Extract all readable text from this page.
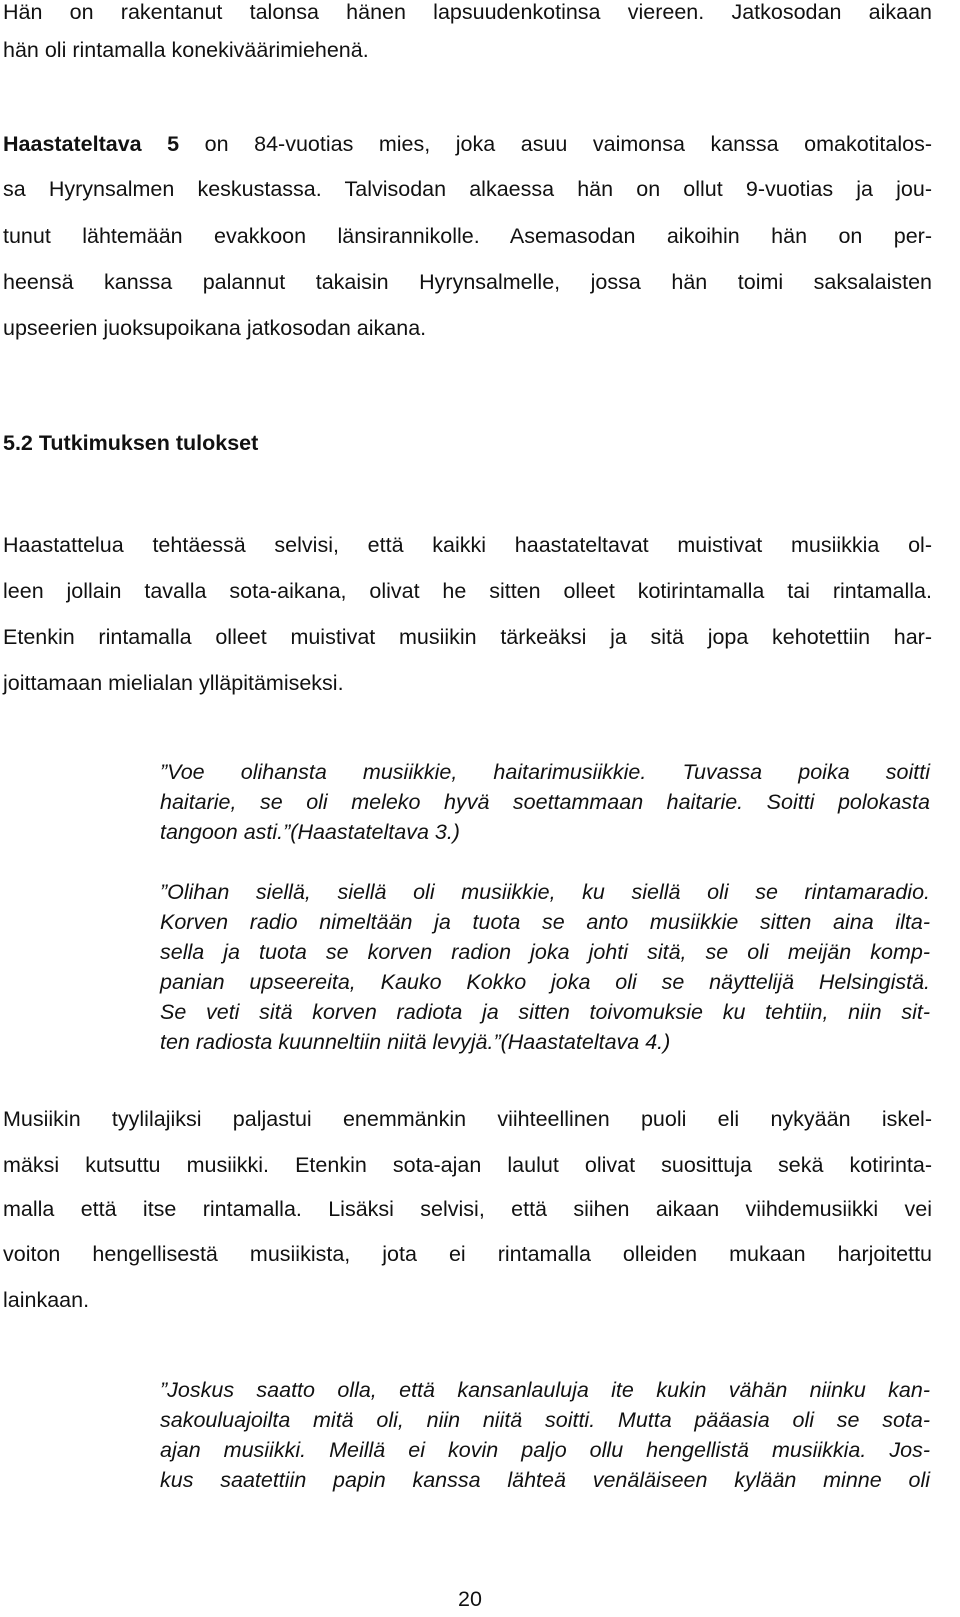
Hän on rakentanut talonsa hänen lapsuudenkotinsa viereen. Jatkosodan aikaan
hän oli rintamalla konekiväärimiehenä.
Haastateltava 5 on 84-vuotias mies, joka asuu vaimonsa kanssa omakotitalos-
sa Hyrynsalmen keskustassa. Talvisodan alkaessa hän on ollut 9-vuotias ja jou-
tunut lähtemään evakkoon länsirannikolle. Asemasodan aikoihin hän on per-
heensä kanssa palannut takaisin Hyrynsalmelle, jossa hän toimi saksalaisten
upseerien juoksupoikana jatkosodan aikana.
5.2 Tutkimuksen tulokset
Haastattelua tehtäessä selvisi, että kaikki haastateltavat muistivat musiikkia ol-
leen jollain tavalla sota-aikana, olivat he sitten olleet kotirintamalla tai rintamalla.
Etenkin rintamalla olleet muistivat musiikin tärkeäksi ja sitä jopa kehotettiin har-
joittamaan mielialan ylläpitämiseksi.
”Voe olihansta musiikkie, haitarimusiikkie. Tuvassa poika soitti
haitarie, se oli meleko hyvä soettammaan haitarie. Soitti polokasta
tangoon asti.”(Haastateltava 3.)
”Olihan siellä, siellä oli musiikkie, ku siellä oli se rintamaradio.
Korven radio nimeltään ja tuota se anto musiikkie sitten aina ilta-
sella ja tuota se korven radion joka johti sitä, se oli meijän komp-
panian upseereita, Kauko Kokko joka oli se näyttelijä Helsingistä.
Se veti sitä korven radiota ja sitten toivomuksie ku tehtiin, niin sit-
ten radiosta kuunneltiin niitä levyjä.”(Haastateltava 4.)
Musiikin tyylilajiksi paljastui enemmänkin viihteellinen puoli eli nykyään iskel-
mäksi kutsuttu musiikki. Etenkin sota-ajan laulut olivat suosittuja sekä kotirinta-
malla että itse rintamalla. Lisäksi selvisi, että siihen aikaan viihdemusiikki vei
voiton hengellisestä musiikista, jota ei rintamalla olleiden mukaan harjoitettu
lainkaan.
”Joskus saatto olla, että kansanlauluja ite kukin vähän niinku kan-
sakouluajoilta mitä oli, niin niitä soitti. Mutta pääasia oli se sota-
ajan musiikki. Meillä ei kovin paljo ollu hengellistä musiikkia. Jos-
kus saatettiin papin kanssa lähteä venäläiseen kylään minne oli
20
